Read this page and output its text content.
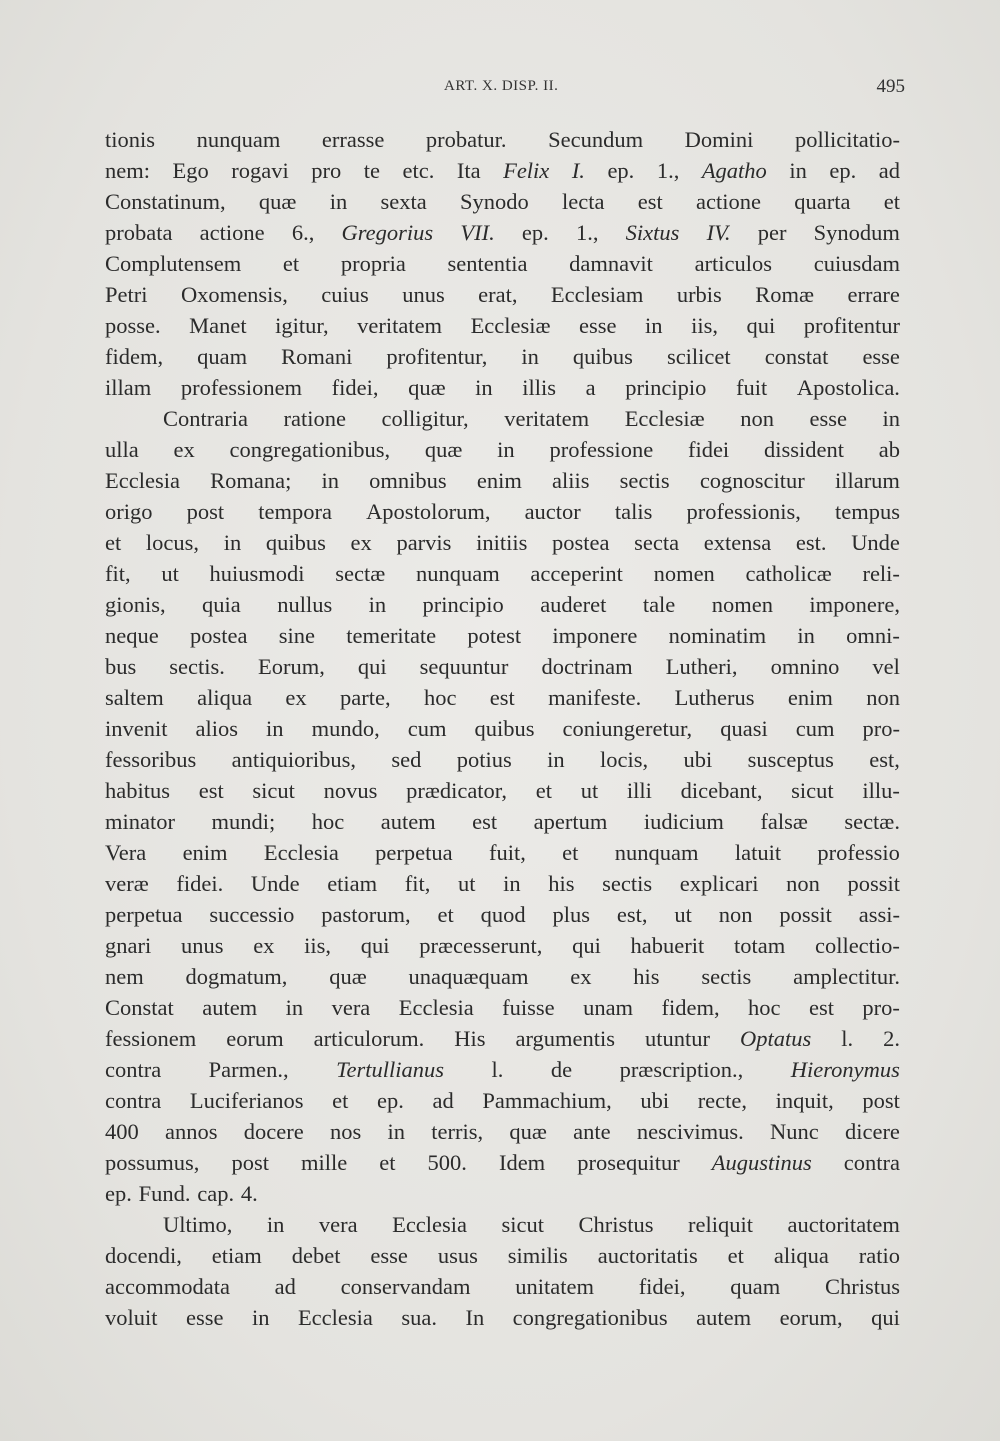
ART. X. DISP. II.	495
tionis nunquam errasse probatur. Secundum Domini pollicitatio-
nem: Ego rogavi pro te etc. Ita Felix I. ep. 1., Agatho in ep. ad
Constatinum, quæ in sexta Synodo lecta est actione quarta et
probata actione 6., Gregorius VII. ep. 1., Sixtus IV. per Synodum
Complutensem et propria sententia damnavit articulos cuiusdam
Petri Oxomensis, cuius unus erat, Ecclesiam urbis Romæ errare
posse. Manet igitur, veritatem Ecclesiæ esse in iis, qui profitentur
fidem, quam Romani profitentur, in quibus scilicet constat esse
illam professionem fidei, quæ in illis a principio fuit Apostolica.
Contraria ratione colligitur, veritatem Ecclesiæ non esse in
ulla ex congregationibus, quæ in professione fidei dissident ab
Ecclesia Romana; in omnibus enim aliis sectis cognoscitur illarum
origo post tempora Apostolorum, auctor talis professionis, tempus
et locus, in quibus ex parvis initiis postea secta extensa est. Unde
fit, ut huiusmodi sectæ nunquam acceperint nomen catholicæ reli-
gionis, quia nullus in principio auderet tale nomen imponere,
neque postea sine temeritate potest imponere nominatim in omni-
bus sectis. Eorum, qui sequuntur doctrinam Lutheri, omnino vel
saltem aliqua ex parte, hoc est manifeste. Lutherus enim non
invenit alios in mundo, cum quibus coniungeretur, quasi cum pro-
fessoribus antiquioribus, sed potius in locis, ubi susceptus est,
habitus est sicut novus prædicator, et ut illi dicebant, sicut illu-
minator mundi; hoc autem est apertum iudicium falsæ sectæ.
Vera enim Ecclesia perpetua fuit, et nunquam latuit professio
veræ fidei. Unde etiam fit, ut in his sectis explicari non possit
perpetua successio pastorum, et quod plus est, ut non possit assi-
gnari unus ex iis, qui præcesserunt, qui habuerit totam collectio-
nem dogmatum, quæ unaquæquam ex his sectis amplectitur.
Constat autem in vera Ecclesia fuisse unam fidem, hoc est pro-
fessionem eorum articulorum. His argumentis utuntur Optatus l. 2.
contra Parmen., Tertullianus l. de præscription., Hieronymus
contra Luciferianos et ep. ad Pammachium, ubi recte, inquit, post
400 annos docere nos in terris, quæ ante nescivimus. Nunc dicere
possumus, post mille et 500. Idem prosequitur Augustinus contra
ep. Fund. cap. 4.
Ultimo, in vera Ecclesia sicut Christus reliquit auctoritatem
docendi, etiam debet esse usus similis auctoritatis et aliqua ratio
accommodata ad conservandam unitatem fidei, quam Christus
voluit esse in Ecclesia sua. In congregationibus autem eorum, qui
